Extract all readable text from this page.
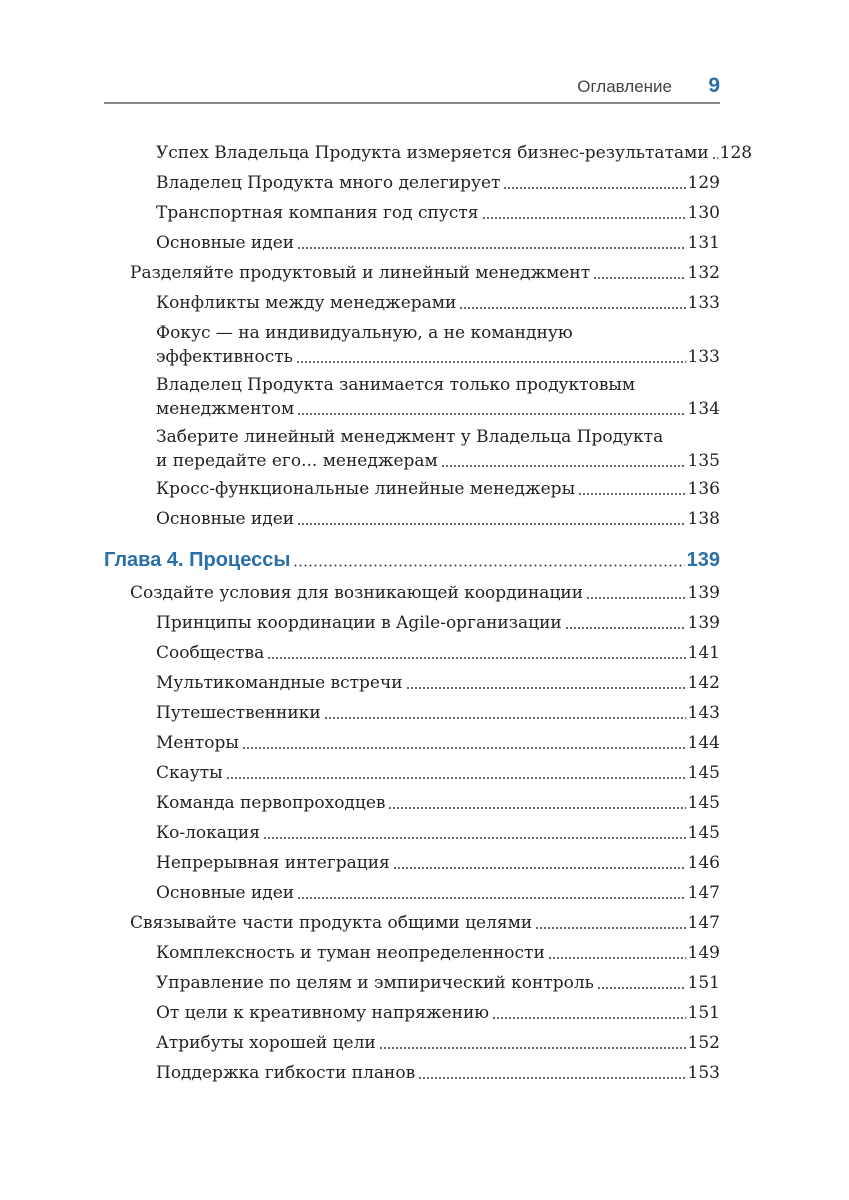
Оглавление 9
Успех Владельца Продукта измеряется бизнес-результатами 128
Владелец Продукта много делегирует	129
Транспортная компания год спустя	130
Основные идеи	131
Разделяйте продуктовый и линейный менеджмент	132
Конфликты между менеджерами	133
Фокус — на индивидуальную, а не командную
эффективность	133
Владелец Продукта занимается только продуктовым
менеджментом	134
Заберите линейный менеджмент у Владельца Продукта
и передайте его... менеджерам	135
Кросс-функциональные линейные менеджеры	136
Основные идеи	138
Глава 4. Процессы	139
Создайте условия для возникающей координации	139
Принципы координации в Agile-организации	139
Сообщества	141
Мультикомандные встречи	142
Путешественники	143
Менторы	144
Скауты	145
Команда первопроходцев	145
Ко-локация	145
Непрерывная интеграция	146
Основные идеи	147
Связывайте части продукта общими целями	147
Комплексность и туман неопределенности	149
Управление по целям и эмпирический контроль	151
От цели к креативному напряжению	151
Атрибуты хорошей цели	152
Поддержка гибкости планов	153
